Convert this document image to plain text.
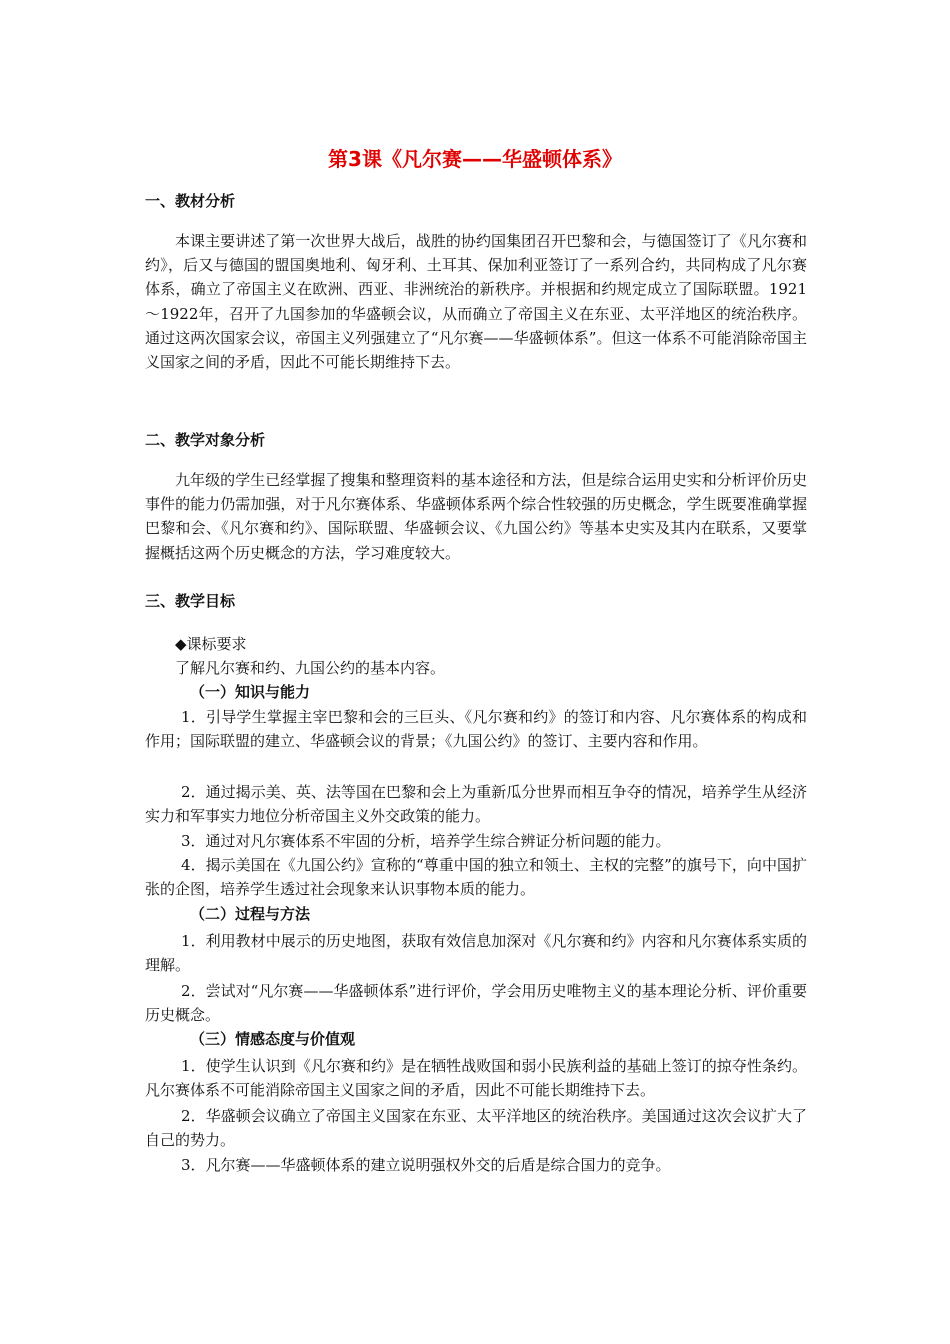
第3课《凡尔赛——华盛顿体系》
一、教材分析

本课主要讲述了第一次世界大战后，战胜的协约国集团召开巴黎和会，与德国签订了《凡尔赛和约》，后又与德国的盟国奥地利、匈牙利、土耳其、保加利亚签订了一系列合约，共同构成了凡尔赛体系，确立了帝国主义在欧洲、西亚、非洲统治的新秩序。并根据和约规定成立了国际联盟。1921～1922年，召开了九国参加的华盛顿会议，从而确立了帝国主义在东亚、太平洋地区的统治秩序。通过这两次国家会议，帝国主义列强建立了“凡尔赛——华盛顿体系”。但这一体系不可能消除帝国主义国家之间的矛盾，因此不可能长期维持下去。

二、教学对象分析

九年级的学生已经掌握了搜集和整理资料的基本途径和方法，但是综合运用史实和分析评价历史事件的能力仍需加强，对于凡尔赛体系、华盛顿体系两个综合性较强的历史概念，学生既要准确掌握巴黎和会、《凡尔赛和约》、国际联盟、华盛顿会议、《九国公约》等基本史实及其内在联系，又要掌握概括这两个历史概念的方法，学习难度较大。

三、教学目标

◆课标要求

了解凡尔赛和约、九国公约的基本内容。

（一）知识与能力

1．引导学生掌握主宰巴黎和会的三巨头、《凡尔赛和约》的签订和内容、凡尔赛体系的构成和作用；国际联盟的建立、华盛顿会议的背景；《九国公约》的签订、主要内容和作用。

2．通过揭示美、英、法等国在巴黎和会上为重新瓜分世界而相互争夺的情况，培养学生从经济实力和军事实力地位分析帝国主义外交政策的能力。

3．通过对凡尔赛体系不牢固的分析，培养学生综合辨证分析问题的能力。

4．揭示美国在《九国公约》宣称的“尊重中国的独立和领土、主权的完整”的旗号下，向中国扩张的企图，培养学生透过社会现象来认识事物本质的能力。

（二）过程与方法

1．利用教材中展示的历史地图，获取有效信息加深对《凡尔赛和约》内容和凡尔赛体系实质的理解。

2．尝试对“凡尔赛——华盛顿体系”进行评价，学会用历史唯物主义的基本理论分析、评价重要历史概念。

（三）情感态度与价值观

1．使学生认识到《凡尔赛和约》是在牺牲战败国和弱小民族利益的基础上签订的掠夺性条约。凡尔赛体系不可能消除帝国主义国家之间的矛盾，因此不可能长期维持下去。

2．华盛顿会议确立了帝国主义国家在东亚、太平洋地区的统治秩序。美国通过这次会议扩大了自己的势力。

3．凡尔赛——华盛顿体系的建立说明强权外交的后盾是综合国力的竞争。
